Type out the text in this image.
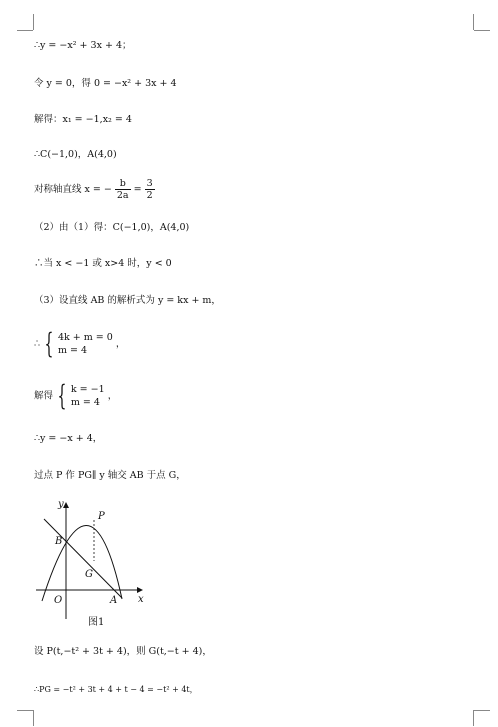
∴y = −x² + 3x + 4；
令 y = 0，得 0 = −x² + 3x + 4
解得：x₁ = −1,x₂ = 4
∴C(−1,0)，A(4,0)
对称轴直线 x = − $\frac{b}{2a} = \frac{3}{2}$
（2）由（1）得：C(−1,0)，A(4,0)
∴当 x < −1 或 x>4 时，y < 0
（3）设直线 AB 的解析式为 y = kx + m，
∴ { 4k + m = 0
m = 4
，
解得 { k = −1
m = 4
，
∴y = −x + 4，
过点 P 作 PG∥ y 轴交 AB 于点 G，
y
x
O	A
B
P
G
图1
设 P(t,−t² + 3t + 4)，则 G(t,−t + 4)，
∴PG = −t² + 3t + 4 + t − 4 = −t² + 4t，
